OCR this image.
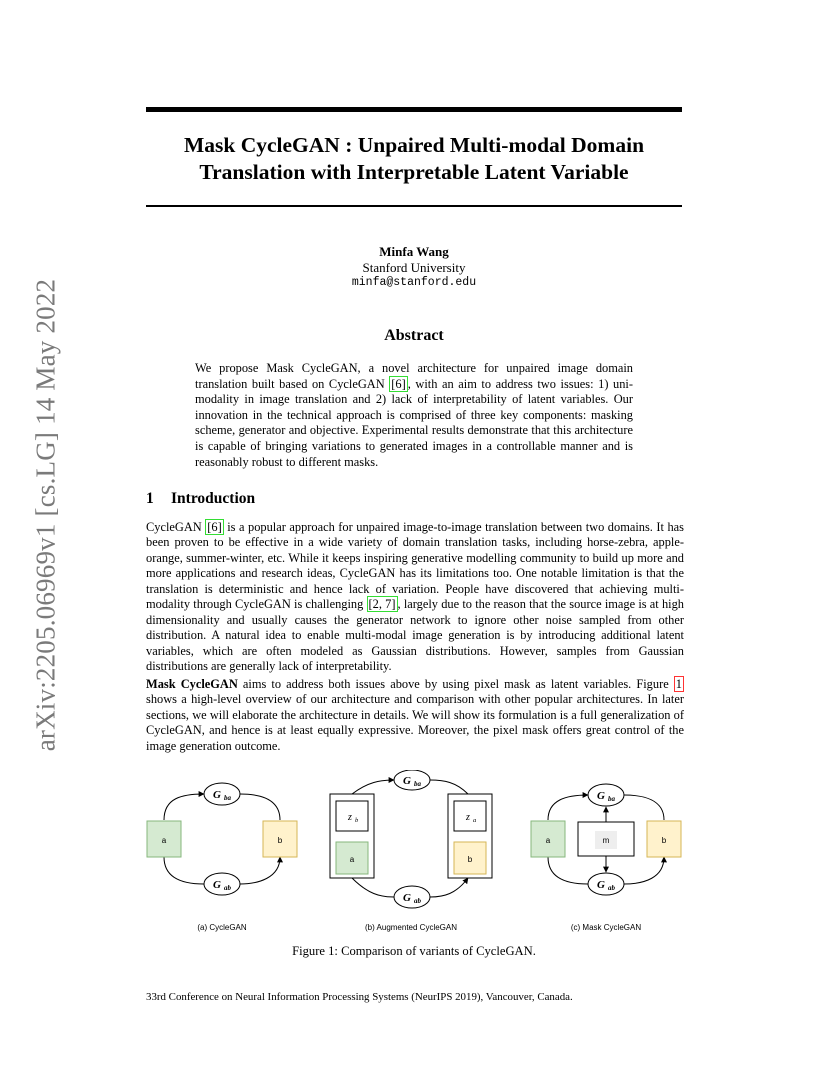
arXiv:2205.06969v1 [cs.LG] 14 May 2022
Mask CycleGAN : Unpaired Multi-modal Domain
Translation with Interpretable Latent Variable
Minfa Wang
Stanford University
minfa@stanford.edu
Abstract

We propose Mask CycleGAN, a novel architecture for unpaired image domain translation built based on CycleGAN [6] , with an aim to address two issues: 1) uni-modality in image translation and 2) lack of interpretability of latent variables. Our innovation in the technical approach is comprised of three key components: masking scheme, generator and objective. Experimental results demonstrate that this architecture is capable of bringing variations to generated images in a controllable manner and is reasonably robust to different masks.

1 Introduction

CycleGAN [6] is a popular approach for unpaired image-to-image translation between two domains. It has been proven to be effective in a wide variety of domain translation tasks, including horse-zebra, apple-orange, summer-winter, etc. While it keeps inspiring generative modelling community to build up more and more applications and research ideas, CycleGAN has its limitations too. One notable limitation is that the translation is deterministic and hence lack of variation. People have discovered that achieving multi-modality through CycleGAN is challenging [2, 7] , largely due to the reason that the source image is at high dimensionality and usually causes the generator network to ignore other noise sampled from other distribution. A natural idea to enable multi-modal image generation is by introducing additional latent variables, which are often modeled as Gaussian distributions. However, samples from Gaussian distributions are generally lack of interpretability.

Mask CycleGAN aims to address both issues above by using pixel mask as latent variables. Figure 1 shows a high-level overview of our architecture and comparison with other popular architectures. In later sections, we will elaborate the architecture in details. We will show its formulation is a full generalization of CycleGAN, and hence is at least equally expressive. Moreover, the pixel mask offers great control of the image generation outcome.

G ba
G ab
a	b
(a) CycleGAN
G ba
G ab
z b
a
z a
b
(b) Augmented CycleGAN
G ba
G ab
a	m	b
(c) Mask CycleGAN
Figure 1: Comparison of variants of CycleGAN.
33rd Conference on Neural Information Processing Systems (NeurIPS 2019), Vancouver, Canada.
